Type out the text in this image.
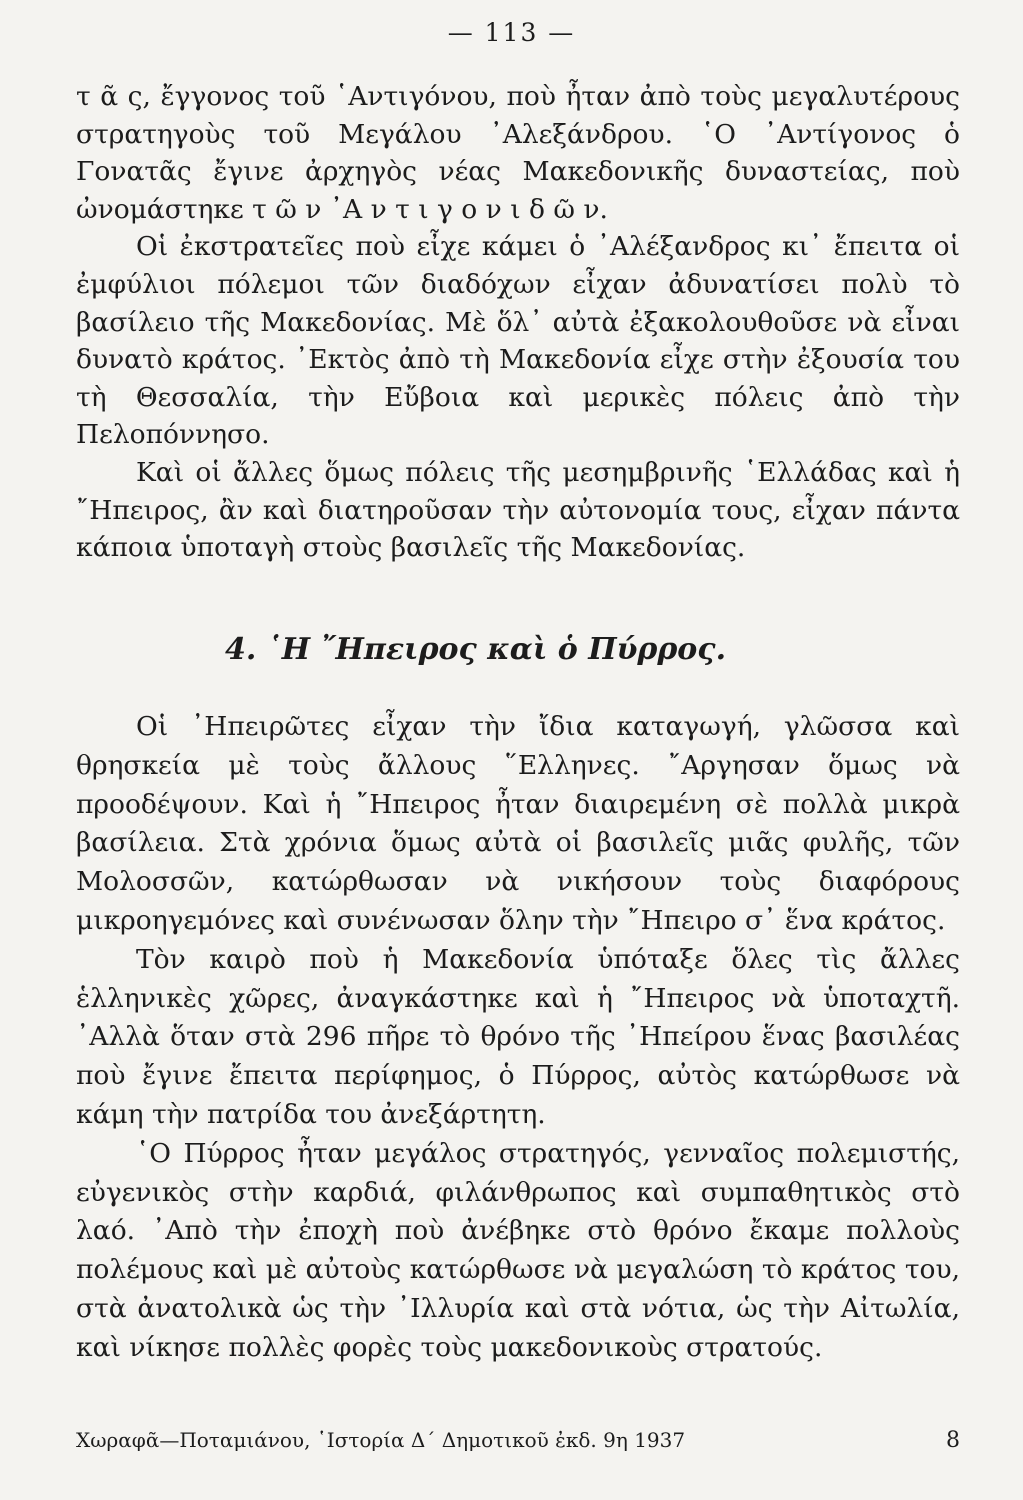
— 113 —

τ ᾶ ς, ἔγγονος τοῦ ῾Αντιγόνου, ποὺ ἦταν ἀπὸ τοὺς μεγαλυτέρους στρατηγοὺς τοῦ Μεγάλου ᾿Αλεξάνδρου. ῾Ο ᾿Αντίγονος ὁ Γονατᾶς ἔγινε ἀρχηγὸς νέας Μακεδονικῆς δυναστείας, ποὺ ὠνομάστηκε τ ῶ ν ᾿Α ν τ ι γ ο ν ι δ ῶ ν.

Οἱ ἐκστρατεῖες ποὺ εἶχε κάμει ὁ ᾿Αλέξανδρος κι᾿ ἔπειτα οἱ ἐμφύλιοι πόλεμοι τῶν διαδόχων εἶχαν ἀδυνατίσει πολὺ τὸ βασίλειο τῆς Μακεδονίας. Μὲ ὅλ᾿ αὐτὰ ἐξακολουθοῦσε νὰ εἶναι δυνατὸ κράτος. ᾿Εκτὸς ἀπὸ τὴ Μακεδονία εἶχε στὴν ἐξουσία του τὴ Θεσσαλία, τὴν Εὔβοια καὶ μερικὲς πόλεις ἀπὸ τὴν Πελοπόννησο.

Καὶ οἱ ἄλλες ὅμως πόλεις τῆς μεσημβρινῆς ῾Ελλάδας καὶ ἡ ῎Ηπειρος, ἂν καὶ διατηροῦσαν τὴν αὐτονομία τους, εἶχαν πάντα κάποια ὑποταγὴ στοὺς βασιλεῖς τῆς Μακεδονίας.

4. ῾Η ῎Ηπειρος καὶ ὁ Πύρρος.

Οἱ ᾿Ηπειρῶτες εἶχαν τὴν ἴδια καταγωγή, γλῶσσα καὶ θρησκεία μὲ τοὺς ἄλλους ῞Ελληνες. ῎Αργησαν ὅμως νὰ προοδέψουν. Καὶ ἡ ῎Ηπειρος ἦταν διαιρεμένη σὲ πολλὰ μικρὰ βασίλεια. Στὰ χρόνια ὅμως αὐτὰ οἱ βασιλεῖς μιᾶς φυλῆς, τῶν Μολοσσῶν, κατώρθωσαν νὰ νικήσουν τοὺς διαφόρους μικροηγεμόνες καὶ συνένωσαν ὅλην τὴν ῎Ηπειρο σ᾿ ἕνα κράτος.

Τὸν καιρὸ ποὺ ἡ Μακεδονία ὑπόταξε ὅλες τὶς ἄλλες ἑλληνικὲς χῶρες, ἀναγκάστηκε καὶ ἡ ῎Ηπειρος νὰ ὑποταχτῆ. ᾿Αλλὰ ὅταν στὰ 296 πῆρε τὸ θρόνο τῆς ᾿Ηπείρου ἕνας βασιλέας ποὺ ἔγινε ἔπειτα περίφημος, ὁ Πύρρος, αὐτὸς κατώρθωσε νὰ κάμη τὴν πατρίδα του ἀνεξάρτητη.

῾Ο Πύρρος ἦταν μεγάλος στρατηγός, γενναῖος πολεμιστής, εὐγενικὸς στὴν καρδιά, φιλάνθρωπος καὶ συμπαθητικὸς στὸ λαό. ᾿Απὸ τὴν ἐποχὴ ποὺ ἀνέβηκε στὸ θρόνο ἔκαμε πολλοὺς πολέμους καὶ μὲ αὐτοὺς κατώρθωσε νὰ μεγαλώση τὸ κράτος του, στὰ ἀνατολικὰ ὡς τὴν ᾿Ιλλυρία καὶ στὰ νότια, ὡς τὴν Αἰτωλία, καὶ νίκησε πολλὲς φορὲς τοὺς μακεδονικοὺς στρατούς.

Χωραφᾶ—Ποταμιάνου, ῾Ιστορία Δ΄ Δημοτικοῦ ἐκδ. 9η 1937	8
